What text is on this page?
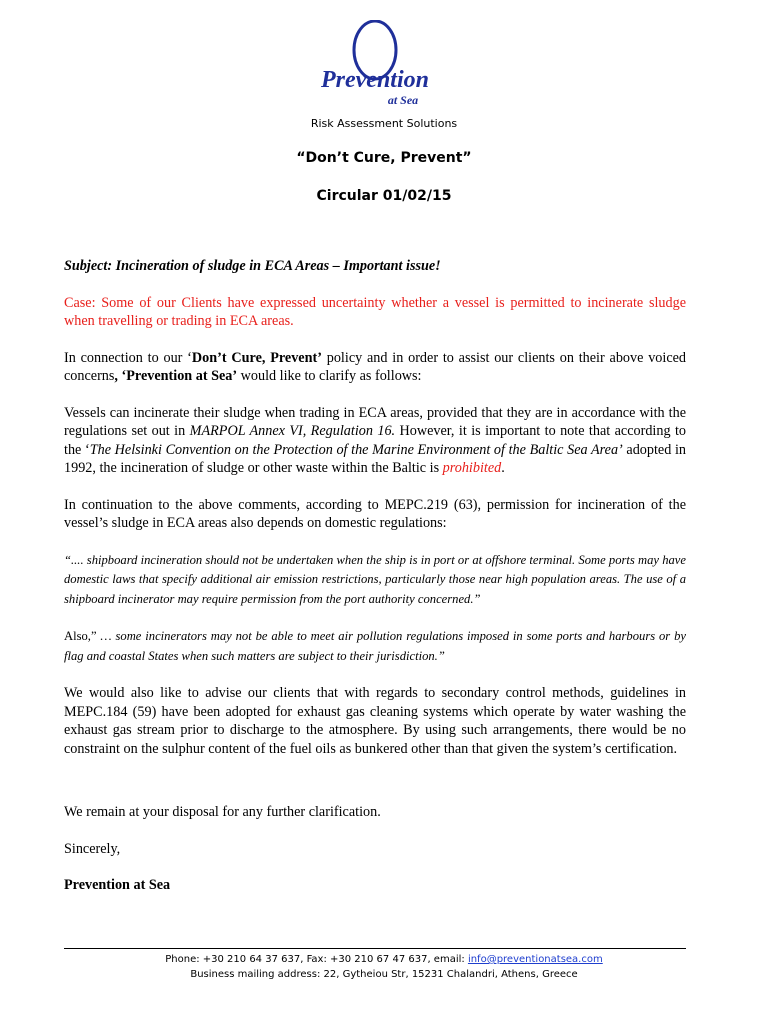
Prevention
at Sea
Risk Assessment Solutions
“Don’t Cure, Prevent”
Circular 01/02/15

Subject: Incineration of sludge in ECA Areas – Important issue!

Case: Some of our Clients have expressed uncertainty whether a vessel is permitted to incinerate sludge when travelling or trading in ECA areas.

In connection to our ‘Don’t Cure, Prevent’ policy and in order to assist our clients on their above voiced concerns, ‘Prevention at Sea’ would like to clarify as follows:

Vessels can incinerate their sludge when trading in ECA areas, provided that they are in accordance with the regulations set out in MARPOL Annex VI, Regulation 16. However, it is important to note that according to the ‘The Helsinki Convention on the Protection of the Marine Environment of the Baltic Sea Area’ adopted in 1992, the incineration of sludge or other waste within the Baltic is prohibited.

In continuation to the above comments, according to MEPC.219 (63), permission for incineration of the vessel’s sludge in ECA areas also depends on domestic regulations:

“.... shipboard incineration should not be undertaken when the ship is in port or at offshore terminal. Some ports may have domestic laws that specify additional air emission restrictions, particularly those near high population areas. The use of a shipboard incinerator may require permission from the port authority concerned.”

Also,” … some incinerators may not be able to meet air pollution regulations imposed in some ports and harbours or by flag and coastal States when such matters are subject to their jurisdiction.”

We would also like to advise our clients that with regards to secondary control methods, guidelines in MEPC.184 (59) have been adopted for exhaust gas cleaning systems which operate by water washing the exhaust gas stream prior to discharge to the atmosphere. By using such arrangements, there would be no constraint on the sulphur content of the fuel oils as bunkered other than that given the system’s certification.

We remain at your disposal for any further clarification.

Sincerely,

Prevention at Sea

Phone: +30 210 64 37 637, Fax: +30 210 67 47 637, email: info@preventionatsea.com
Business mailing address: 22, Gytheiou Str, 15231 Chalandri, Athens, Greece
